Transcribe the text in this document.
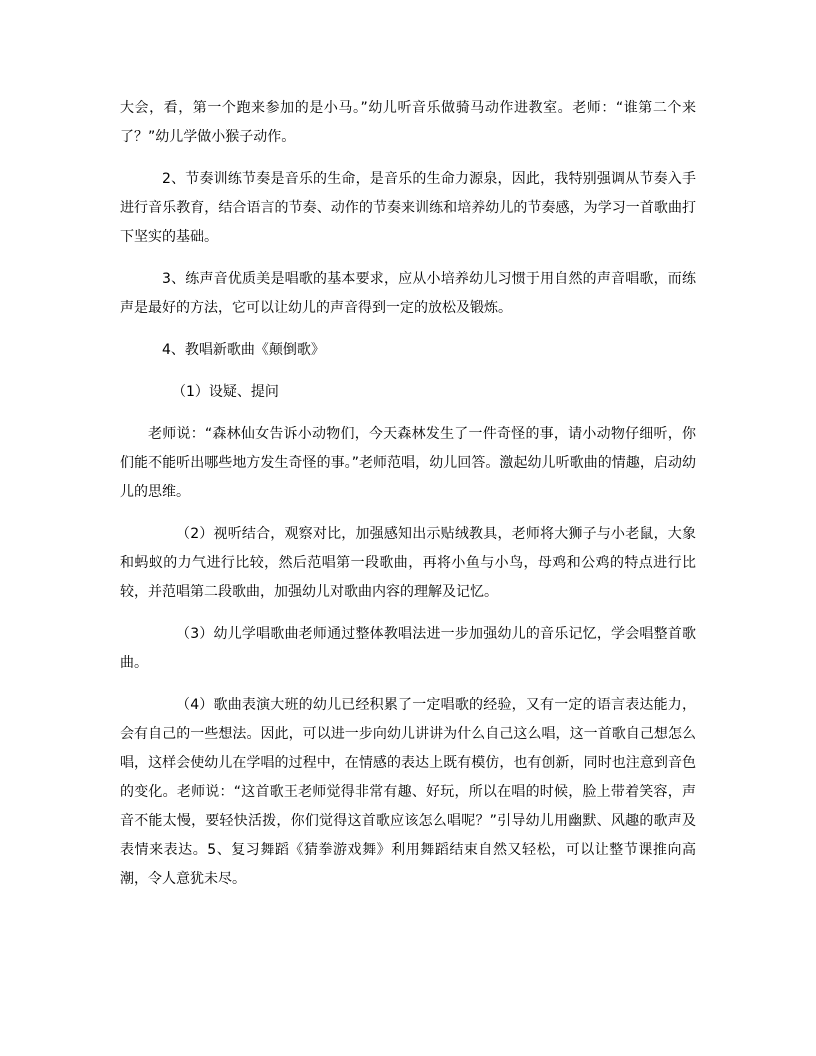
大会，看，第一个跑来参加的是小马。”幼儿听音乐做骑马动作进教室。老师：“谁第二个来了？”幼儿学做小猴子动作。

2、节奏训练节奏是音乐的生命，是音乐的生命力源泉，因此，我特别强调从节奏入手进行音乐教育，结合语言的节奏、动作的节奏来训练和培养幼儿的节奏感，为学习一首歌曲打下坚实的基础。

3、练声音优质美是唱歌的基本要求，应从小培养幼儿习惯于用自然的声音唱歌，而练声是最好的方法，它可以让幼儿的声音得到一定的放松及锻炼。

4、教唱新歌曲《颠倒歌》

（1）设疑、提问

老师说：“森林仙女告诉小动物们，今天森林发生了一件奇怪的事，请小动物仔细听，你们能不能听出哪些地方发生奇怪的事。”老师范唱，幼儿回答。激起幼儿听歌曲的情趣，启动幼儿的思维。

（2）视听结合，观察对比，加强感知出示贴绒教具，老师将大狮子与小老鼠，大象和蚂蚁的力气进行比较，然后范唱第一段歌曲，再将小鱼与小鸟，母鸡和公鸡的特点进行比较，并范唱第二段歌曲，加强幼儿对歌曲内容的理解及记忆。

（3）幼儿学唱歌曲老师通过整体教唱法进一步加强幼儿的音乐记忆，学会唱整首歌曲。

（4）歌曲表演大班的幼儿已经积累了一定唱歌的经验，又有一定的语言表达能力，会有自己的一些想法。因此，可以进一步向幼儿讲讲为什么自己这么唱，这一首歌自己想怎么唱，这样会使幼儿在学唱的过程中，在情感的表达上既有模仿，也有创新，同时也注意到音色的变化。老师说：“这首歌王老师觉得非常有趣、好玩，所以在唱的时候，脸上带着笑容，声音不能太慢，要轻快活拨，你们觉得这首歌应该怎么唱呢？”引导幼儿用幽默、风趣的歌声及表情来表达。5、复习舞蹈《猜拳游戏舞》利用舞蹈结束自然又轻松，可以让整节课推向高潮，令人意犹未尽。
